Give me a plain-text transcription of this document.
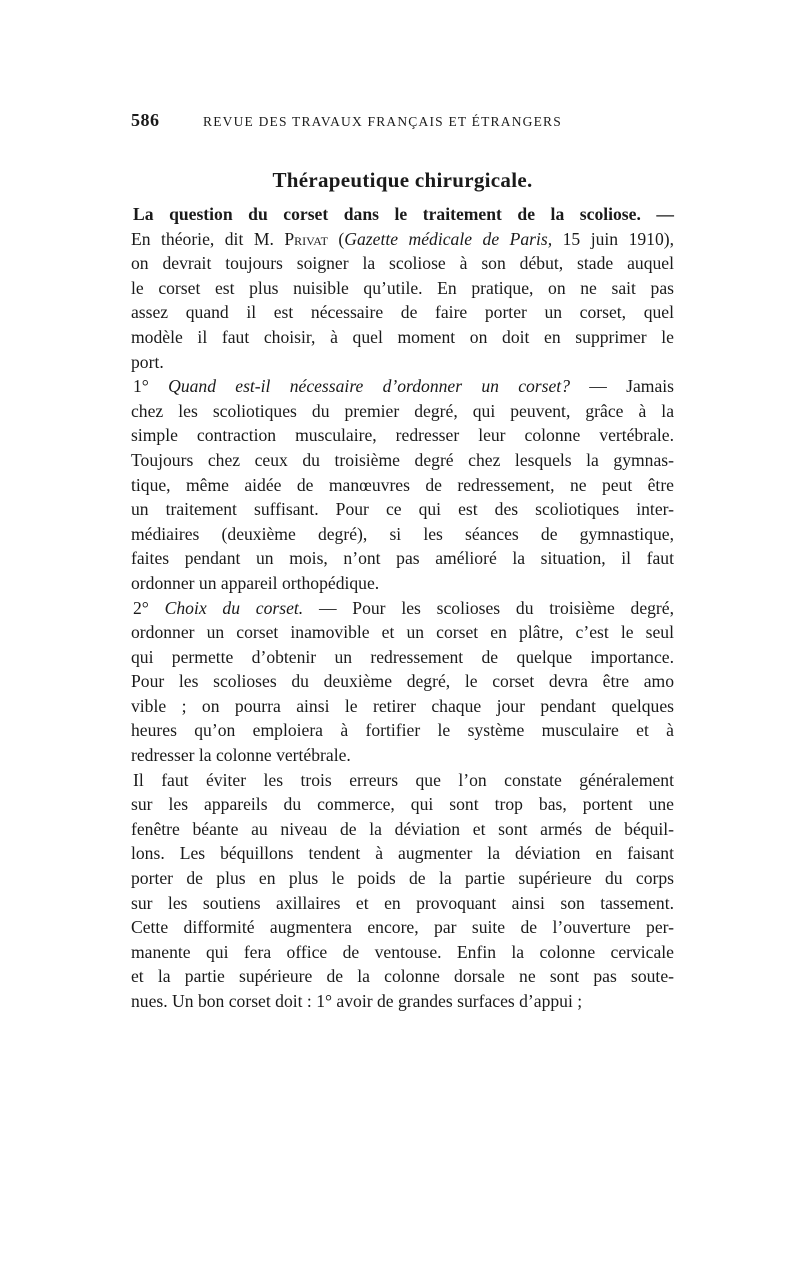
586	REVUE DES TRAVAUX FRANÇAIS ET ÉTRANGERS
Thérapeutique chirurgicale.
La question du corset dans le traitement de la scoliose. —
En théorie, dit M. Privat (Gazette médicale de Paris, 15 juin 1910),
on devrait toujours soigner la scoliose à son début, stade auquel
le corset est plus nuisible qu’utile. En pratique, on ne sait pas
assez quand il est nécessaire de faire porter un corset, quel
modèle il faut choisir, à quel moment on doit en supprimer le
port.
1° Quand est-il nécessaire d’ordonner un corset? — Jamais
chez les scoliotiques du premier degré, qui peuvent, grâce à la
simple contraction musculaire, redresser leur colonne vertébrale.
Toujours chez ceux du troisième degré chez lesquels la gymnas-
tique, même aidée de manœuvres de redressement, ne peut être
un traitement suffisant. Pour ce qui est des scoliotiques inter-
médiaires (deuxième degré), si les séances de gymnastique,
faites pendant un mois, n’ont pas amélioré la situation, il faut
ordonner un appareil orthopédique.
2° Choix du corset. — Pour les scolioses du troisième degré,
ordonner un corset inamovible et un corset en plâtre, c’est le seul
qui permette d’obtenir un redressement de quelque importance.
Pour les scolioses du deuxième degré, le corset devra être amo
vible ; on pourra ainsi le retirer chaque jour pendant quelques
heures qu’on emploiera à fortifier le système musculaire et à
redresser la colonne vertébrale.
Il faut éviter les trois erreurs que l’on constate généralement
sur les appareils du commerce, qui sont trop bas, portent une
fenêtre béante au niveau de la déviation et sont armés de béquil-
lons. Les béquillons tendent à augmenter la déviation en faisant
porter de plus en plus le poids de la partie supérieure du corps
sur les soutiens axillaires et en provoquant ainsi son tassement.
Cette difformité augmentera encore, par suite de l’ouverture per-
manente qui fera office de ventouse. Enfin la colonne cervicale
et la partie supérieure de la colonne dorsale ne sont pas soute-
nues. Un bon corset doit : 1° avoir de grandes surfaces d’appui ;
